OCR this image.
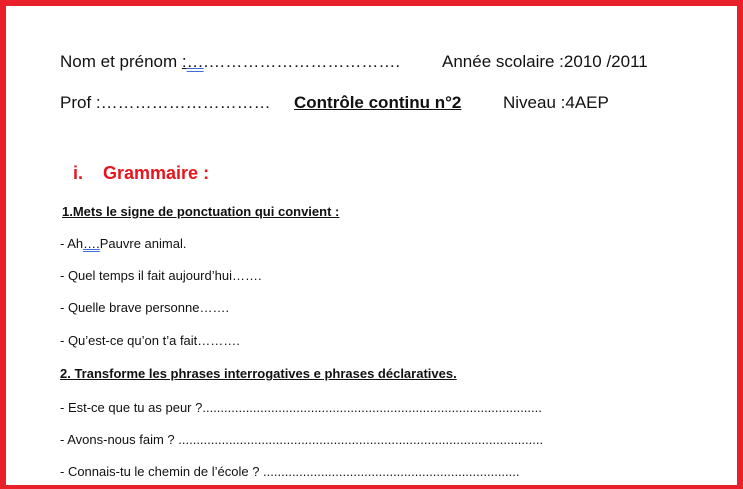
Nom et prénom :….……………………………. Année scolaire :2010 /2011
Prof :………………………… Contrôle continu n°2 Niveau :4AEP
i. Grammaire :
1.Mets le signe de ponctuation qui convient :
- Ah….Pauvre animal.
- Quel temps il fait aujourd’hui…….
- Quelle brave personne…….
- Qu’est-ce qu’on t’a fait……….
2. Transforme les phrases interrogatives e phrases déclaratives.
- Est-ce que tu as peur ?..............................................................................................
- Avons-nous faim ? .....................................................................................................
- Connais-tu le chemin de l’école ? .......................................................................
